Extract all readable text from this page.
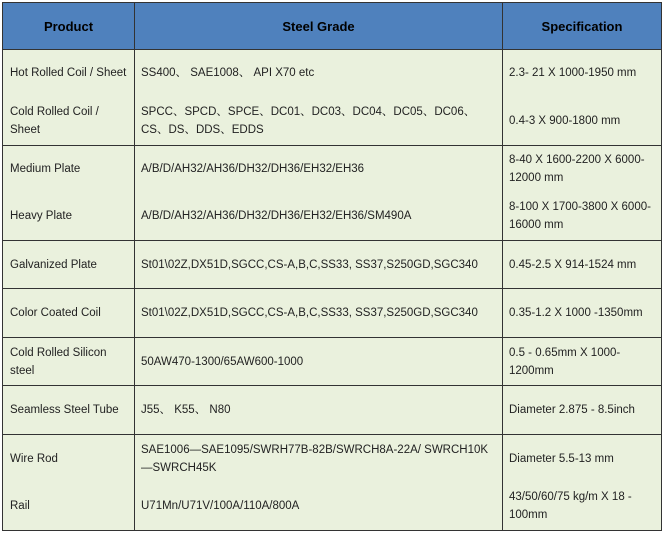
Product	Steel Grade	Specification
Hot Rolled Coil / Sheet	SS400、 SAE1008、 API X70 etc	2.3- 21 X 1000-1950 mm
Cold Rolled Coil / Sheet	SPCC、SPCD、SPCE、DC01、DC03、DC04、DC05、DC06、CS、DS、DDS、EDDS	0.4-3 X 900-1800 mm
Medium Plate	A/B/D/AH32/AH36/DH32/DH36/EH32/EH36	8-40 X 1600-2200 X 6000-12000 mm
Heavy Plate	A/B/D/AH32/AH36/DH32/DH36/EH32/EH36/SM490A	8-100 X 1700-3800 X 6000-16000 mm
Galvanized Plate	St01\02Z,DX51D,SGCC,CS-A,B,C,SS33, SS37,S250GD,SGC340	0.45-2.5 X 914-1524 mm
Color Coated Coil	St01\02Z,DX51D,SGCC,CS-A,B,C,SS33, SS37,S250GD,SGC340	0.35-1.2 X 1000 -1350mm
Cold Rolled Silicon steel	50AW470-1300/65AW600-1000	0.5 - 0.65mm X 1000-1200mm
Seamless Steel Tube	J55、 K55、 N80	Diameter 2.875 - 8.5inch
Wire Rod	SAE1006—SAE1095/SWRH77B-82B/SWRCH8A-22A/ SWRCH10K—SWRCH45K	Diameter 5.5-13 mm
Rail	U71Mn/U71V/100A/110A/800A	43/50/60/75 kg/m X 18 - 100mm
